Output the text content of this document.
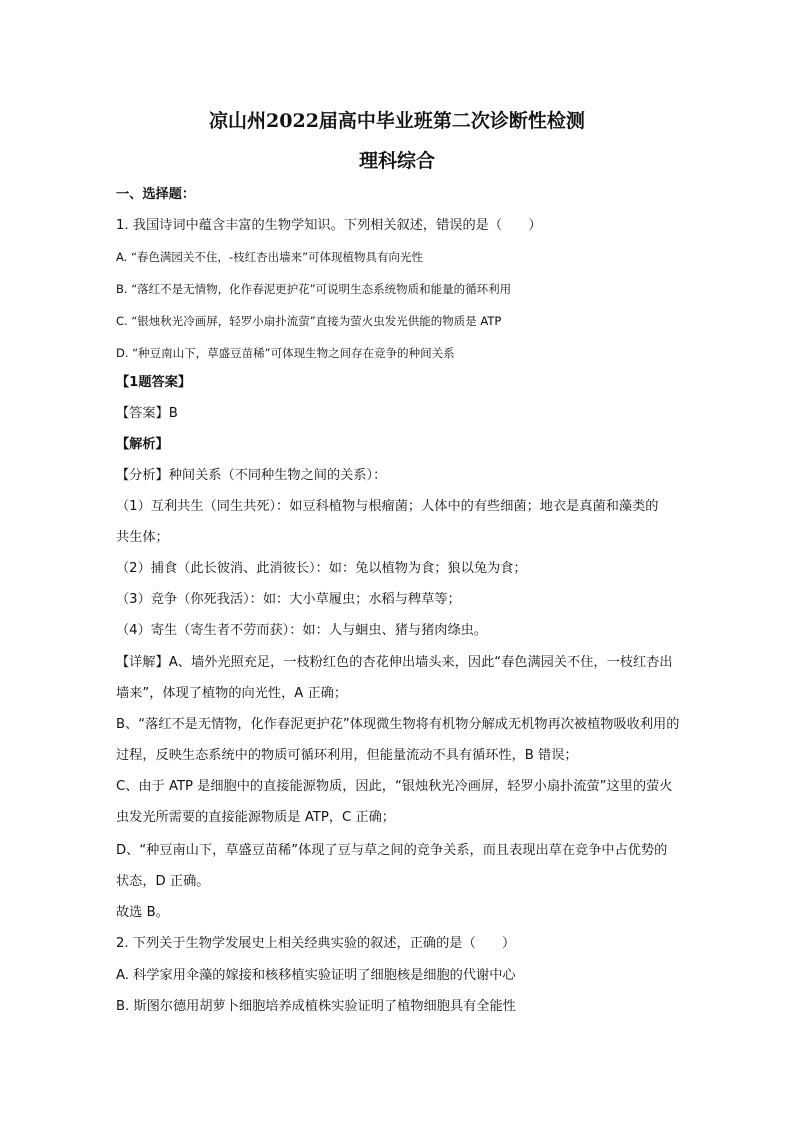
凉山州2022届高中毕业班第二次诊断性检测
理科综合
一、选择题：
1. 我国诗词中蕴含丰富的生物学知识。下列相关叙述，错误的是（　　）
A. “春色满园关不住，-枝红杏出墙来”可体现植物具有向光性
B. “落红不是无情物，化作春泥更护花”可说明生态系统物质和能量的循环利用
C. “银烛秋光冷画屏，轻罗小扇扑流萤”直接为萤火虫发光供能的物质是 ATP
D. “种豆南山下，草盛豆苗稀”可体现生物之间存在竞争的种间关系
【1题答案】
【答案】B
【解析】
【分析】种间关系（不同种生物之间的关系）：
（1）互利共生（同生共死）：如豆科植物与根瘤菌；人体中的有些细菌；地衣是真菌和藻类的
共生体；
（2）捕食（此长彼消、此消彼长）：如：兔以植物为食；狼以兔为食；
（3）竞争（你死我活）：如：大小草履虫；水稻与稗草等；
（4）寄生（寄生者不劳而获）：如：人与蛔虫、猪与猪肉绦虫。
【详解】A、墙外光照充足，一枝粉红色的杏花伸出墙头来，因此“春色满园关不住，一枝红杏出
墙来”，体现了植物的向光性，A 正确；
B、“落红不是无情物，化作春泥更护花”体现微生物将有机物分解成无机物再次被植物吸收利用的
过程，反映生态系统中的物质可循环利用，但能量流动不具有循环性，B 错误；
C、由于 ATP 是细胞中的直接能源物质，因此，“银烛秋光冷画屏，轻罗小扇扑流萤”这里的萤火
虫发光所需要的直接能源物质是 ATP，C 正确；
D、“种豆南山下，草盛豆苗稀”体现了豆与草之间的竞争关系，而且表现出草在竞争中占优势的
状态，D 正确。
故选 B。
2. 下列关于生物学发展史上相关经典实验的叙述，正确的是（　　）
A. 科学家用伞藻的嫁接和核移植实验证明了细胞核是细胞的代谢中心
B. 斯图尔德用胡萝卜细胞培养成植株实验证明了植物细胞具有全能性
